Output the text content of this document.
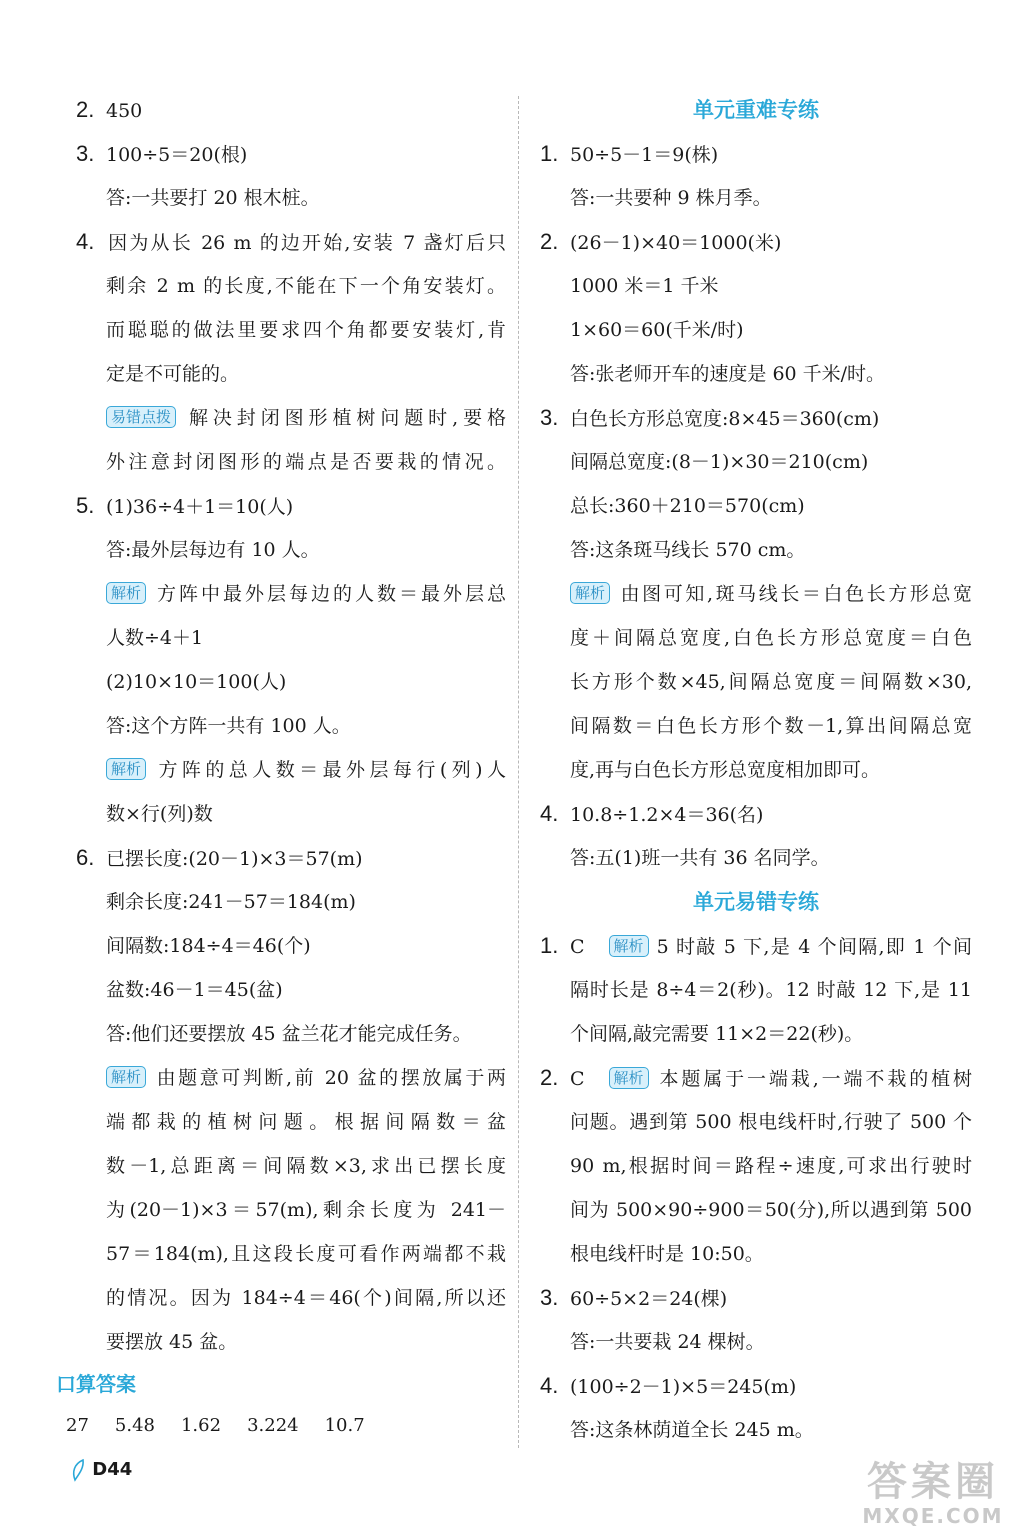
2. 450
3. 100÷5＝20(根)
答:一共要打 20 根木桩。
4. 因为从长 26 m 的边开始,安装 7 盏灯后只
剩余 2 m 的长度,不能在下一个角安装灯。
而聪聪的做法里要求四个角都要安装灯,肯
定是不可能的。
易错点拨 解决封闭图形植树问题时,要格
外注意封闭图形的端点是否要栽的情况。
5. (1)36÷4＋1＝10(人)
答:最外层每边有 10 人。
解析 方阵中最外层每边的人数＝最外层总
人数÷4＋1
(2)10×10＝100(人)
答:这个方阵一共有 100 人。
解析 方阵的总人数＝最外层每行(列)人
数×行(列)数
6. 已摆长度:(20－1)×3＝57(m)
剩余长度:241－57＝184(m)
间隔数:184÷4＝46(个)
盆数:46－1＝45(盆)
答:他们还要摆放 45 盆兰花才能完成任务。
解析 由题意可判断,前 20 盆的摆放属于两
端都栽的植树问题。根据间隔数＝盆
数－1,总距离＝间隔数×3,求出已摆长度
为(20－1)×3＝57(m),剩余长度为 241－
57＝184(m),且这段长度可看作两端都不栽
的情况。因为 184÷4＝46(个)间隔,所以还
要摆放 45 盆。
口算答案
27 5.48 1.62 3.224 10.7
单元重难专练
1. 50÷5－1＝9(株)
答:一共要种 9 株月季。
2. (26－1)×40＝1000(米)
1000 米＝1 千米
1×60＝60(千米/时)
答:张老师开车的速度是 60 千米/时。
3. 白色长方形总宽度:8×45＝360(cm)
间隔总宽度:(8－1)×30＝210(cm)
总长:360＋210＝570(cm)
答:这条斑马线长 570 cm。
解析 由图可知,斑马线长＝白色长方形总宽
度＋间隔总宽度,白色长方形总宽度＝白色
长方形个数×45,间隔总宽度＝间隔数×30,
间隔数＝白色长方形个数－1,算出间隔总宽
度,再与白色长方形总宽度相加即可。
4. 10.8÷1.2×4＝36(名)
答:五(1)班一共有 36 名同学。
单元易错专练
1. C 解析 5 时敲 5 下,是 4 个间隔,即 1 个间
隔时长是 8÷4＝2(秒)。12 时敲 12 下,是 11
个间隔,敲完需要 11×2＝22(秒)。
2. C 解析 本题属于一端栽,一端不栽的植树
问题。遇到第 500 根电线杆时,行驶了 500 个
90 m,根据时间＝路程÷速度,可求出行驶时
间为 500×90÷900＝50(分),所以遇到第 500
根电线杆时是 10:50。
3. 60÷5×2＝24(棵)
答:一共要栽 24 棵树。
4. (100÷2－1)×5＝245(m)
答:这条林荫道全长 245 m。
D44	答案圈
MXQE.COM
